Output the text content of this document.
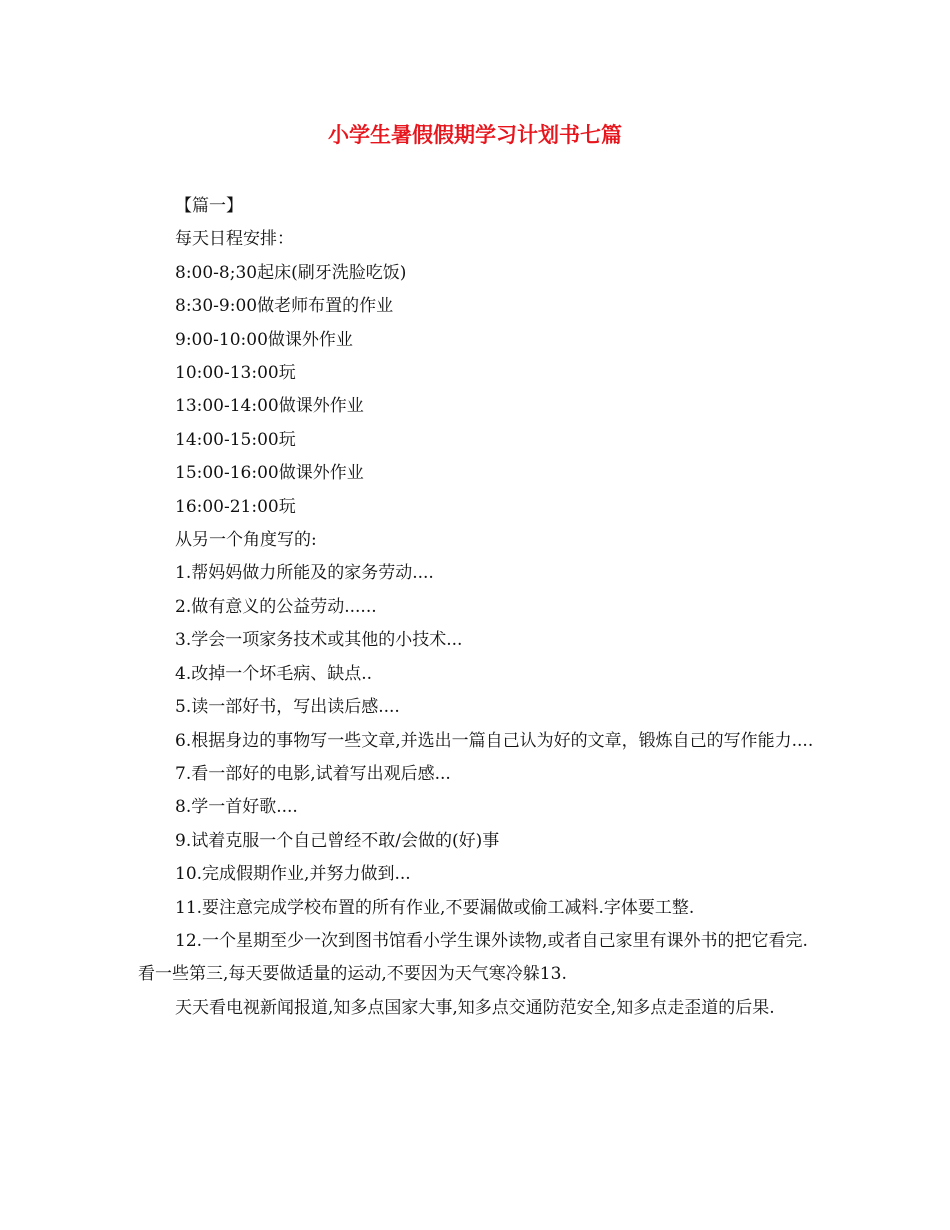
小学生暑假假期学习计划书七篇

【篇一】

每天日程安排：

8:00-8;30起床(刷牙洗脸吃饭)

8:30-9:00做老师布置的作业

9:00-10:00做课外作业

10:00-13:00玩

13:00-14:00做课外作业

14:00-15:00玩

15:00-16:00做课外作业

16:00-21:00玩

从另一个角度写的:

1.帮妈妈做力所能及的家务劳动....

2.做有意义的公益劳动......

3.学会一项家务技术或其他的小技术...

4.改掉一个坏毛病、缺点..

5.读一部好书，写出读后感....

6.根据身边的事物写一些文章,并选出一篇自己认为好的文章，锻炼自己的写作能力....

7.看一部好的电影,试着写出观后感...

8.学一首好歌....

9.试着克服一个自己曾经不敢/会做的(好)事

10.完成假期作业,并努力做到...

11.要注意完成学校布置的所有作业,不要漏做或偷工减料.字体要工整.

12.一个星期至少一次到图书馆看小学生课外读物,或者自己家里有课外书的把它看完.看一些第三,每天要做适量的运动,不要因为天气寒冷躲13.

天天看电视新闻报道,知多点国家大事,知多点交通防范安全,知多点走歪道的后果.
